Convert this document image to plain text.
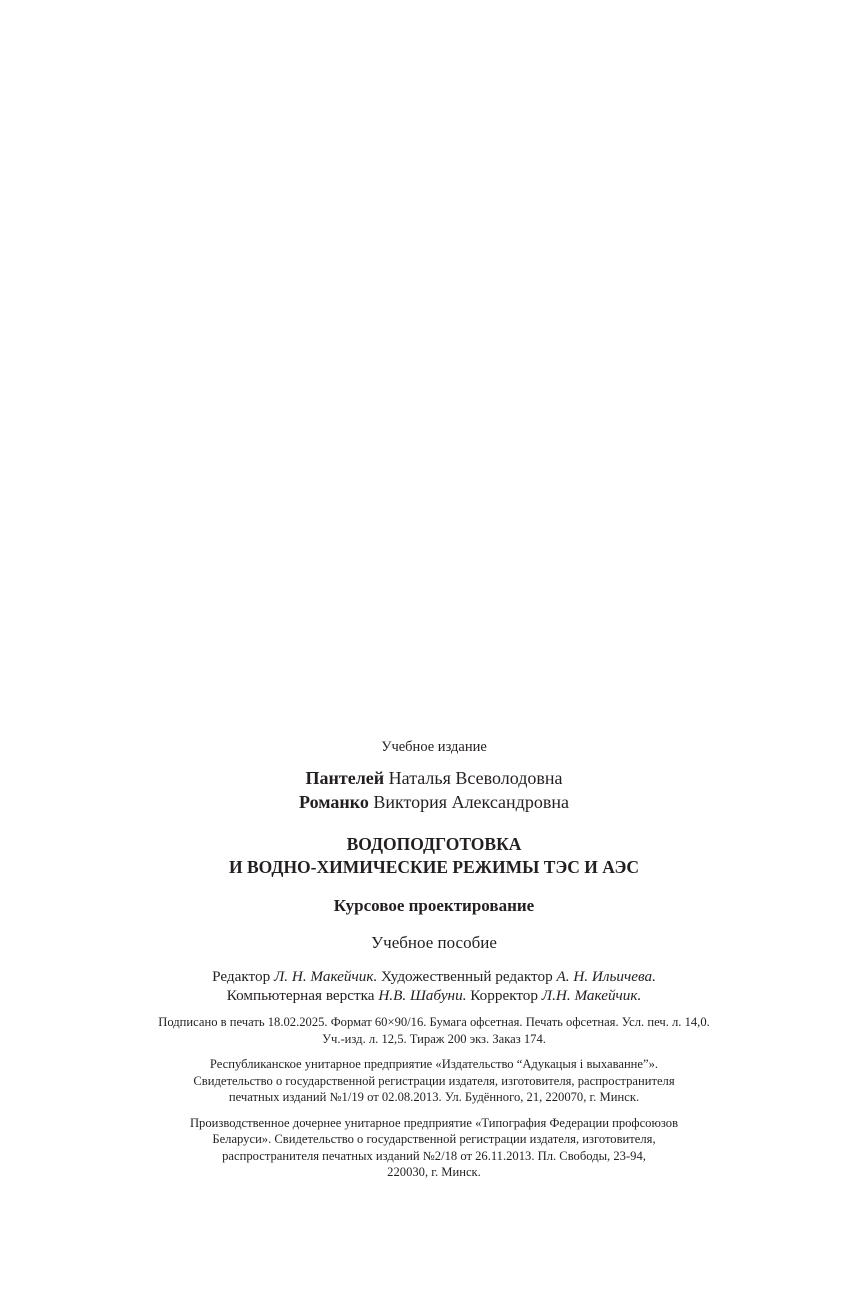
Учебное издание
Пантелей Наталья Всеволодовна
Романко Виктория Александровна
ВОДОПОДГОТОВКА
И ВОДНО-ХИМИЧЕСКИЕ РЕЖИМЫ ТЭС И АЭС
Курсовое проектирование
Учебное пособие
Редактор Л. Н. Макейчик. Художественный редактор А. Н. Ильичева.
Компьютерная верстка Н.В. Шабуни. Корректор Л.Н. Макейчик.
Подписано в печать 18.02.2025. Формат 60×90/16. Бумага офсетная. Печать офсетная. Усл. печ. л. 14,0.
Уч.-изд. л. 12,5. Тираж 200 экз. Заказ 174.
Республиканское унитарное предприятие «Издательство “Адукацыя і выхаванне”».
Свидетельство о государственной регистрации издателя, изготовителя, распространителя
печатных изданий №1/19 от 02.08.2013. Ул. Будённого, 21, 220070, г. Минск.
Производственное дочернее унитарное предприятие «Типография Федерации профсоюзов
Беларуси». Свидетельство о государственной регистрации издателя, изготовителя,
распространителя печатных изданий №2/18 от 26.11.2013. Пл. Свободы, 23-94,
220030, г. Минск.
